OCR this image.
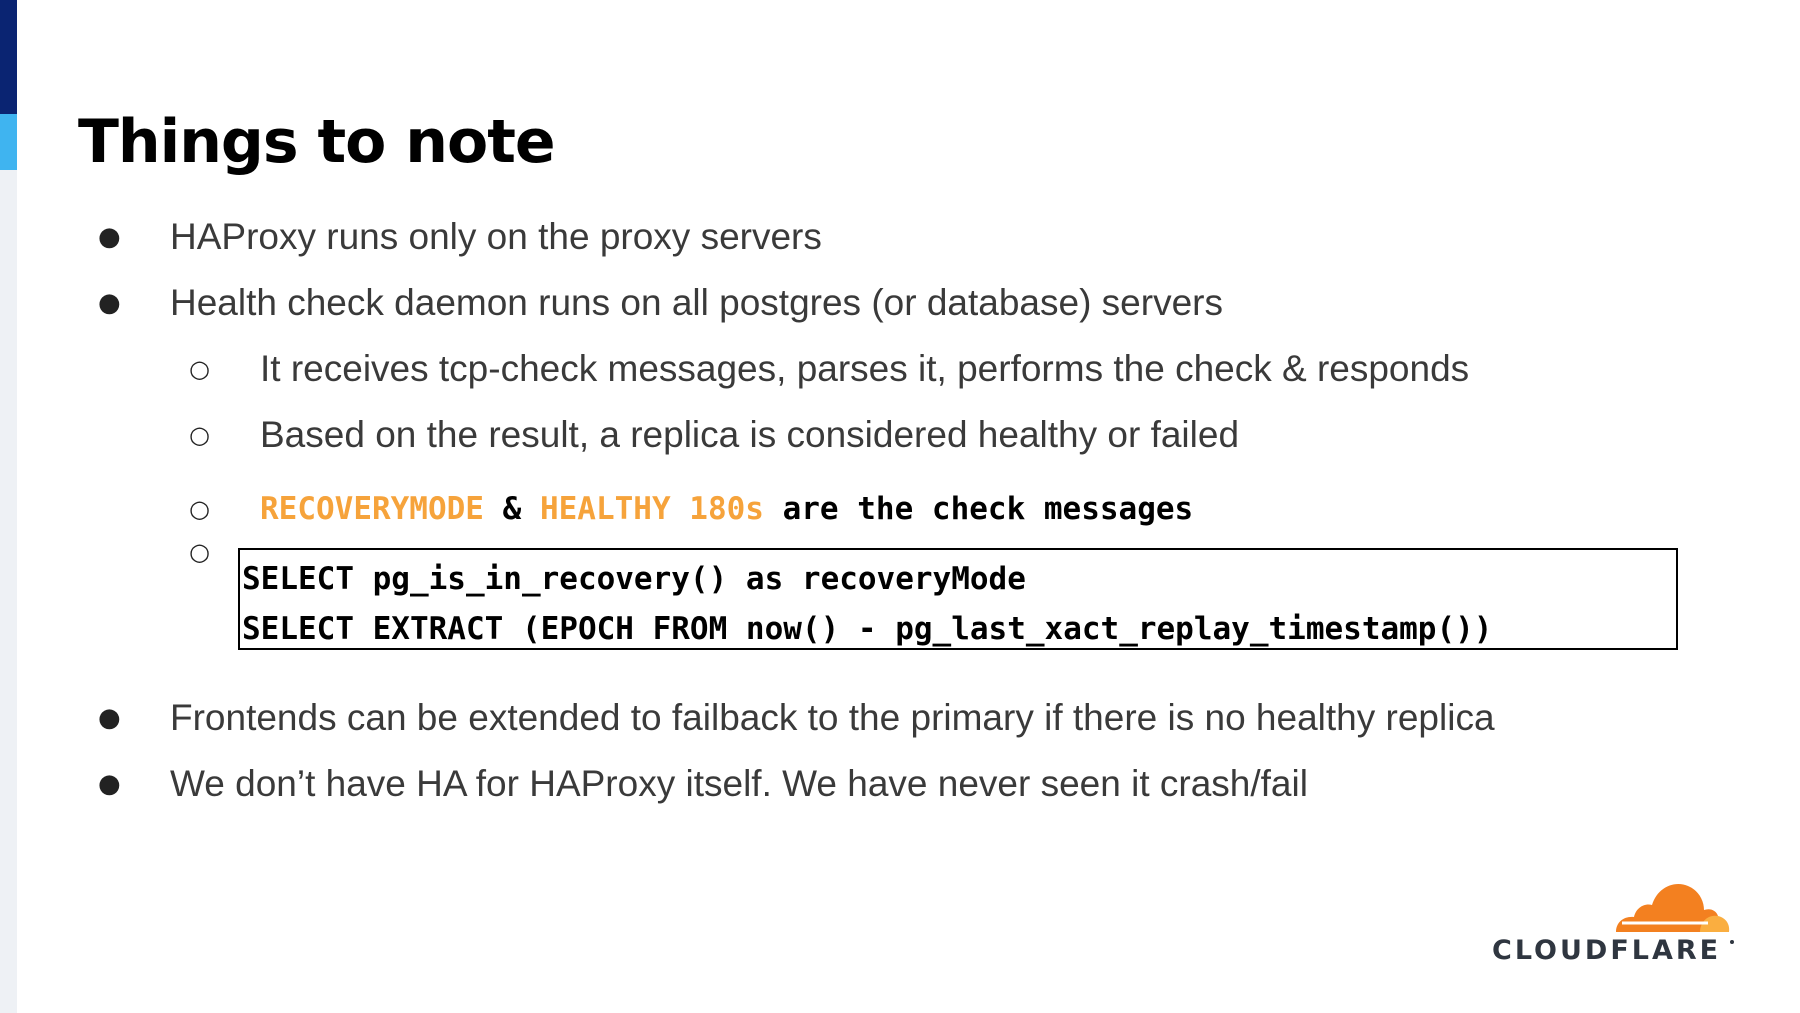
Things to note
● HAProxy runs only on the proxy servers
● Health check daemon runs on all postgres (or database) servers
○ It receives tcp-check messages, parses it, performs the check & responds
○ Based on the result, a replica is considered healthy or failed
○ RECOVERYMODE & HEALTHY 180s are the check messages
○
SELECT pg_is_in_recovery() as recoveryMode
SELECT EXTRACT (EPOCH FROM now() - pg_last_xact_replay_timestamp())
● Frontends can be extended to failback to the primary if there is no healthy replica
● We don’t have HA for HAProxy itself. We have never seen it crash/fail
CLOUDFLARE
